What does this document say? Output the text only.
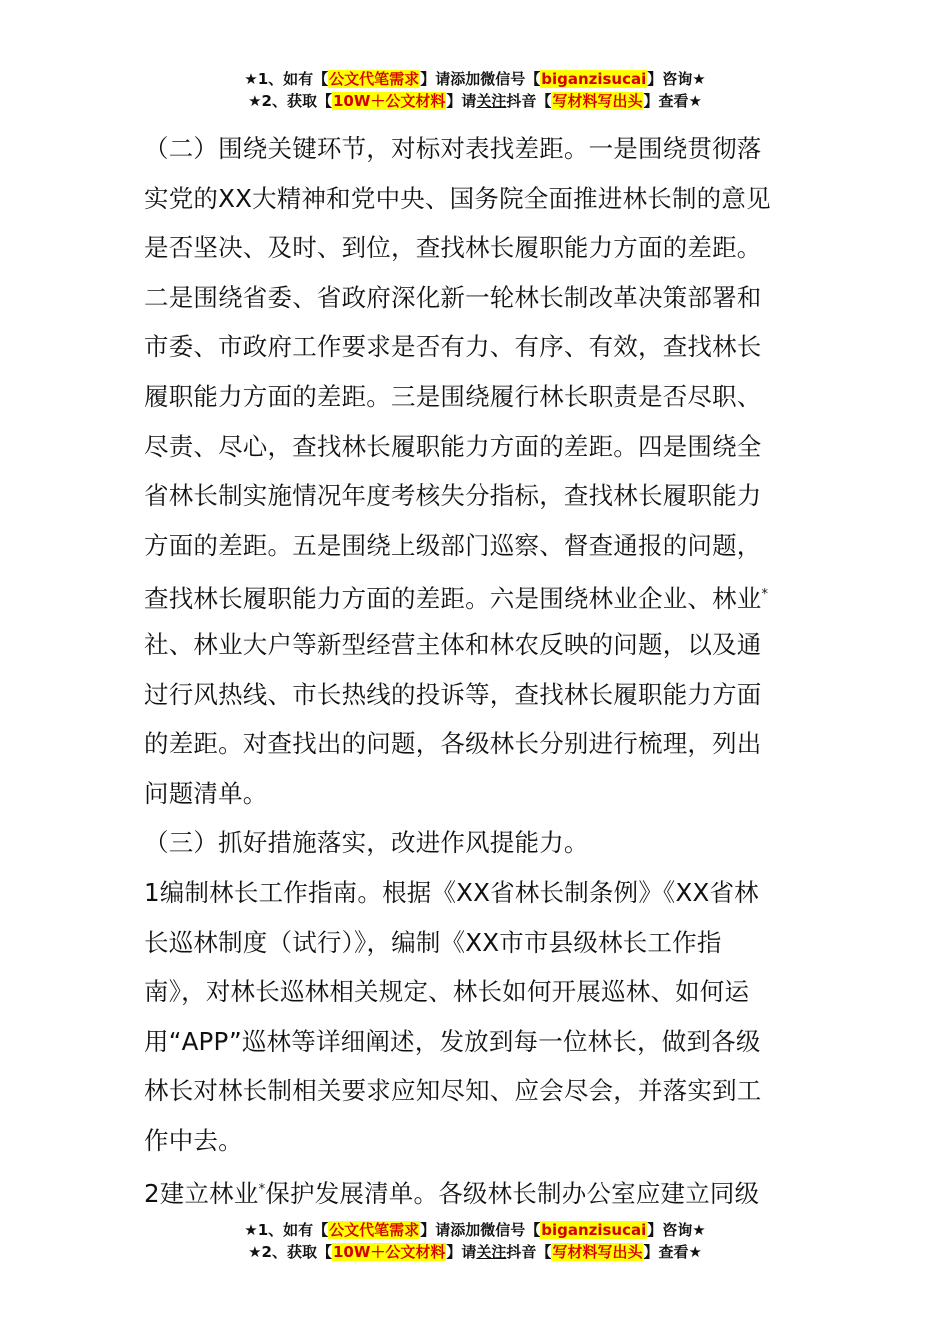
★1、如有【公文代笔需求】请添加微信号【biganzisucai】咨询★
★2、获取【10W＋公文材料】请关注抖音【写材料写出头】查看★
（二）围绕关键环节，对标对表找差距。一是围绕贯彻落
实党的XX大精神和党中央、国务院全面推进林长制的意见
是否坚决、及时、到位，查找林长履职能力方面的差距。
二是围绕省委、省政府深化新一轮林长制改革决策部署和
市委、市政府工作要求是否有力、有序、有效，查找林长
履职能力方面的差距。三是围绕履行林长职责是否尽职、
尽责、尽心，查找林长履职能力方面的差距。四是围绕全
省林长制实施情况年度考核失分指标，查找林长履职能力
方面的差距。五是围绕上级部门巡察、督查通报的问题，
查找林长履职能力方面的差距。六是围绕林业企业、林业*
社、林业大户等新型经营主体和林农反映的问题，以及通
过行风热线、市长热线的投诉等，查找林长履职能力方面
的差距。对查找出的问题，各级林长分别进行梳理，列出
问题清单。
（三）抓好措施落实，改进作风提能力。
1编制林长工作指南。根据《XX省林长制条例》《XX省林
长巡林制度（试行）》，编制《XX市市县级林长工作指
南》，对林长巡林相关规定、林长如何开展巡林、如何运
用“APP”巡林等详细阐述，发放到每一位林长，做到各级
林长对林长制相关要求应知尽知、应会尽会，并落实到工
作中去。
2建立林业*保护发展清单。各级林长制办公室应建立同级
★1、如有【公文代笔需求】请添加微信号【biganzisucai】咨询★
★2、获取【10W＋公文材料】请关注抖音【写材料写出头】查看★
